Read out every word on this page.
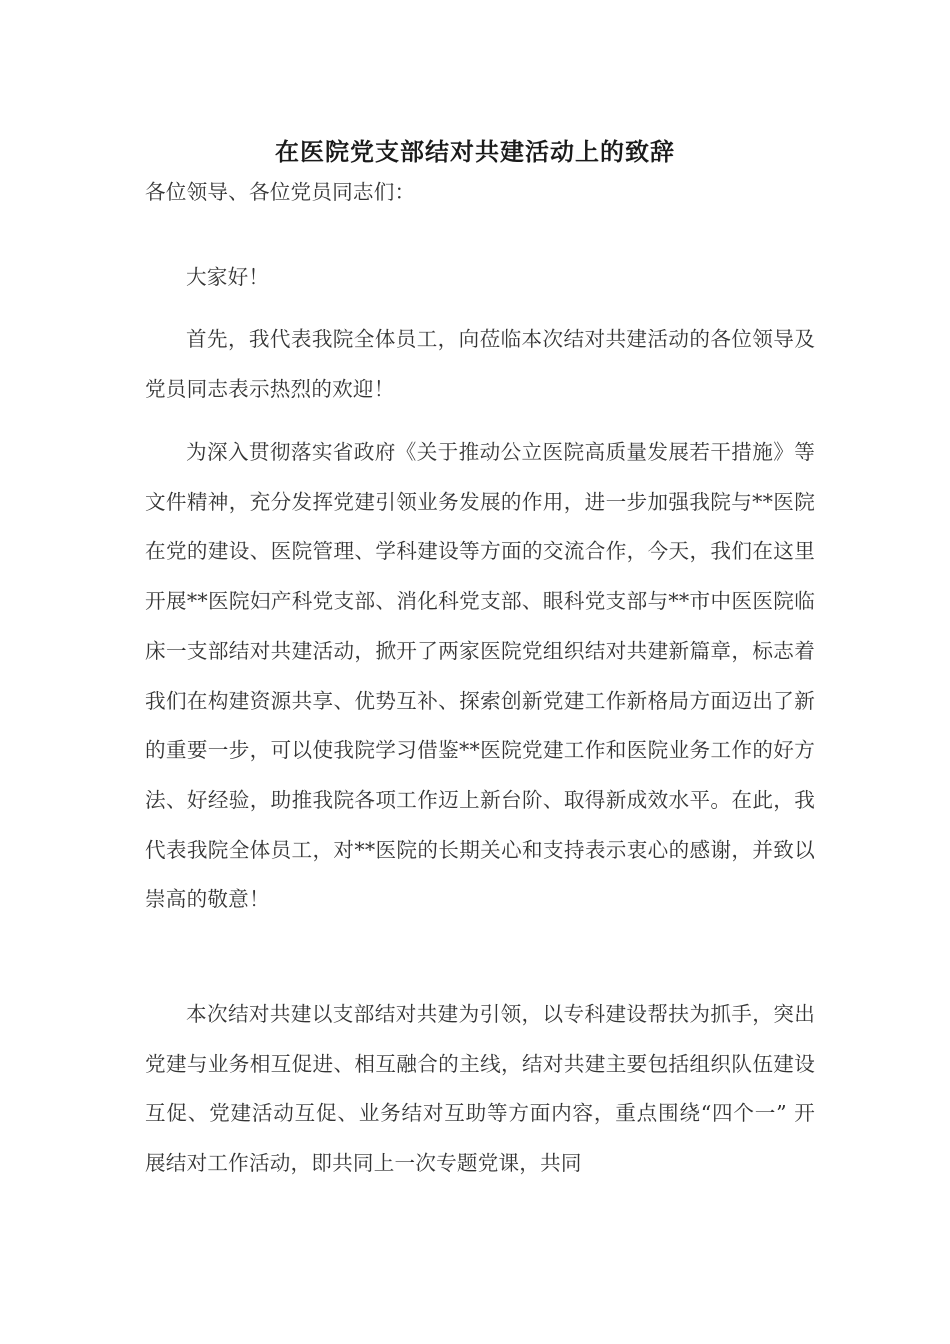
在医院党支部结对共建活动上的致辞

各位领导、各位党员同志们：

大家好！

首先，我代表我院全体员工，向莅临本次结对共建活动的各位领导及党员同志表示热烈的欢迎！

为深入贯彻落实省政府《关于推动公立医院高质量发展若干措施》等文件精神，充分发挥党建引领业务发展的作用，进一步加强我院与**医院在党的建设、医院管理、学科建设等方面的交流合作，今天，我们在这里开展**医院妇产科党支部、消化科党支部、眼科党支部与**市中医医院临床一支部结对共建活动，掀开了两家医院党组织结对共建新篇章，标志着我们在构建资源共享、优势互补、探索创新党建工作新格局方面迈出了新的重要一步，可以使我院学习借鉴**医院党建工作和医院业务工作的好方法、好经验，助推我院各项工作迈上新台阶、取得新成效水平。在此，我代表我院全体员工，对**医院的长期关心和支持表示衷心的感谢，并致以崇高的敬意！

本次结对共建以支部结对共建为引领，以专科建设帮扶为抓手，突出党建与业务相互促进、相互融合的主线，结对共建主要包括组织队伍建设互促、党建活动互促、业务结对互助等方面内容，重点围绕“四个一” 开展结对工作活动，即共同上一次专题党课，共同
